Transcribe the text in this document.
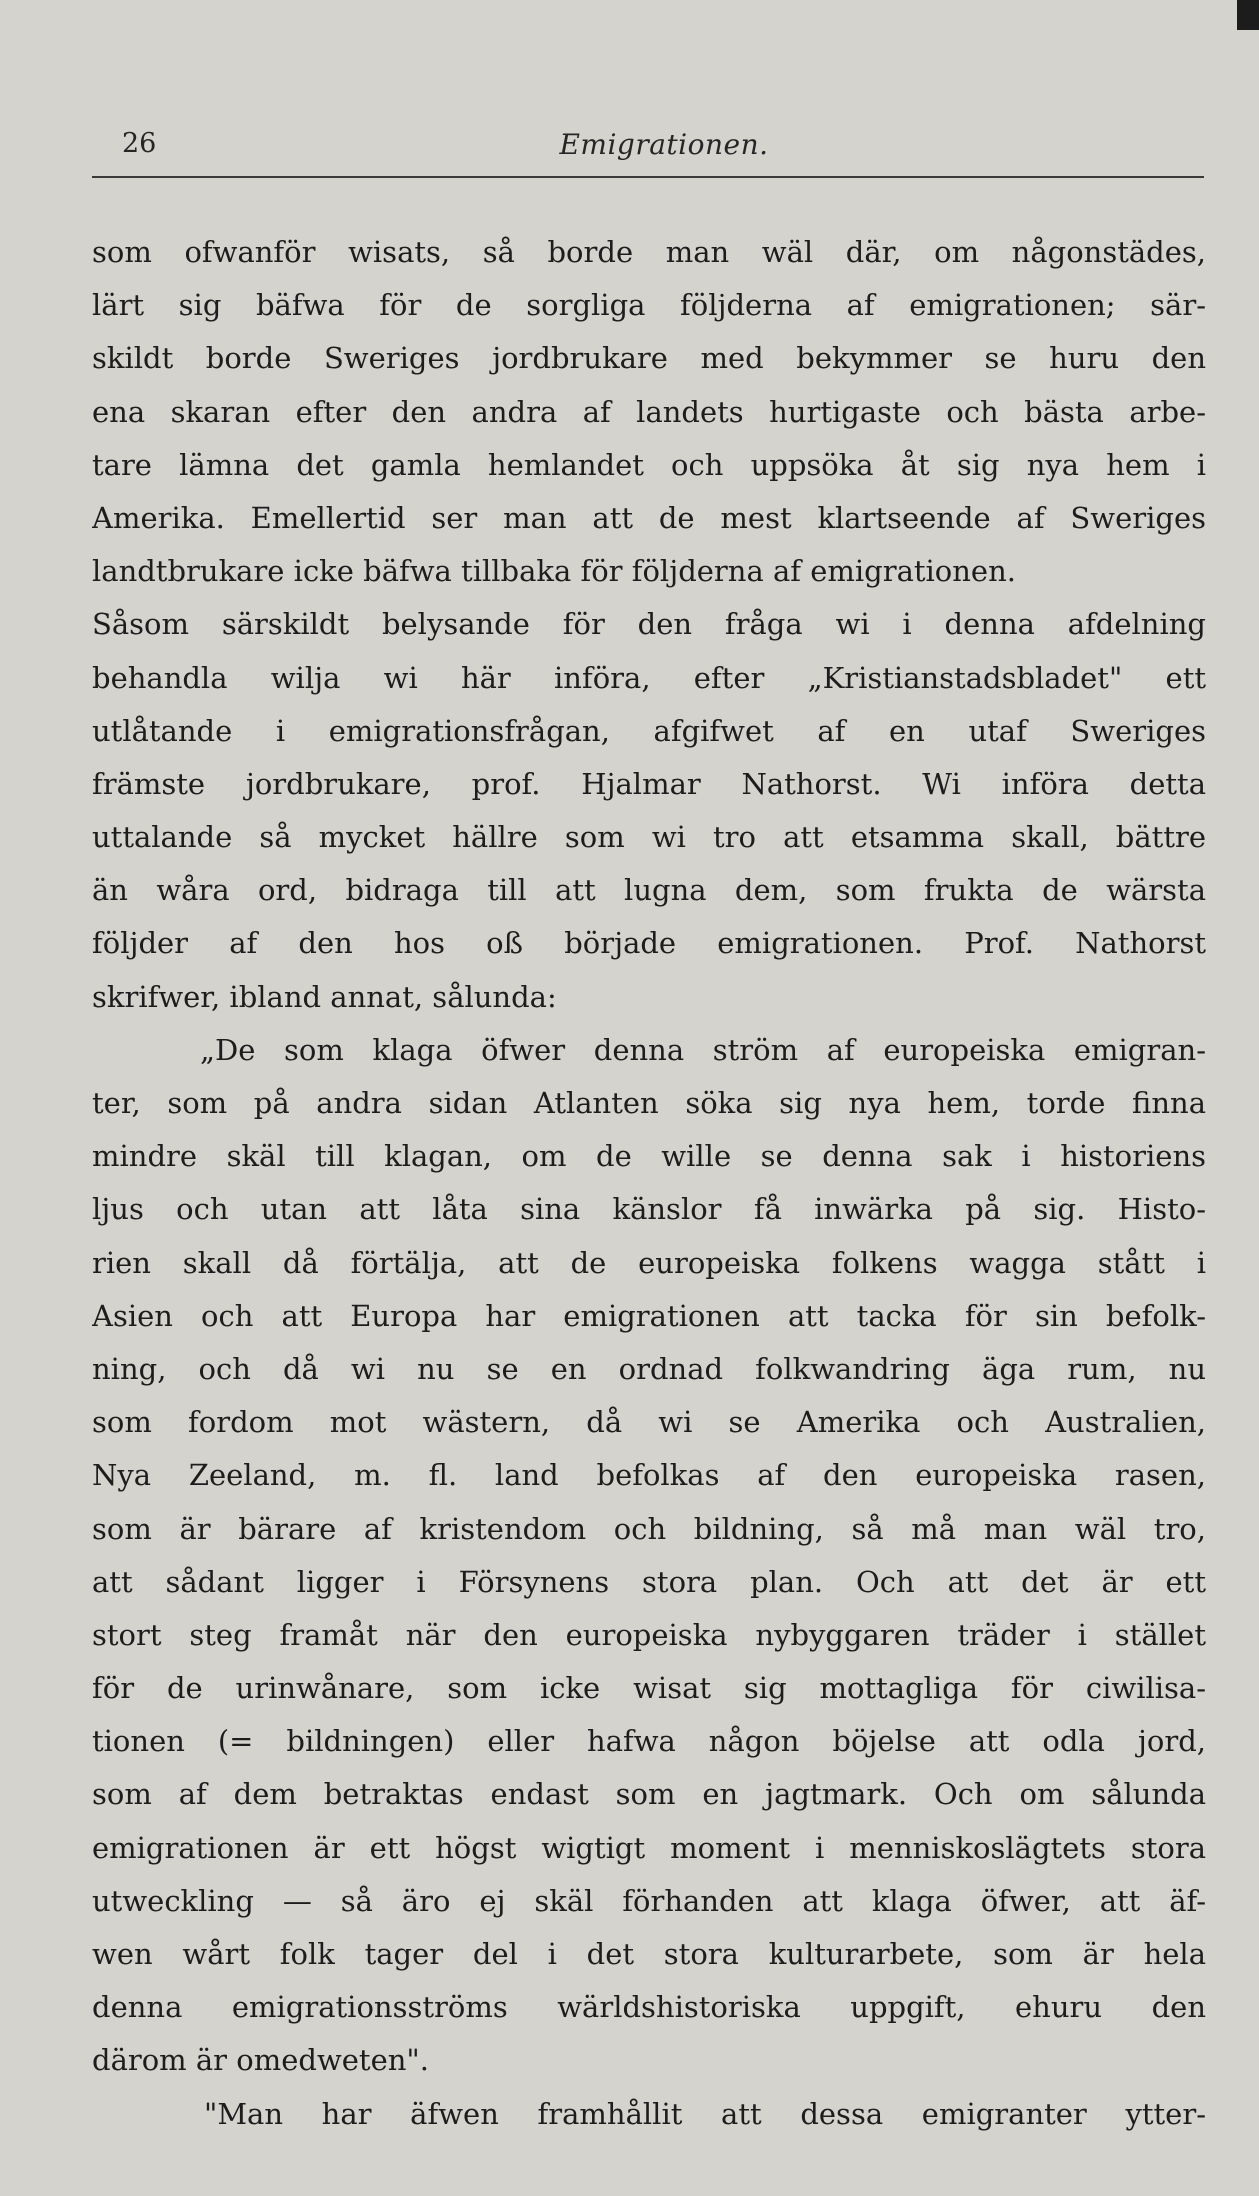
26	Emigrationen.
som ofwanför wisats, så borde man wäl där, om någonstädes,
lärt sig bäfwa för de sorgliga följderna af emigrationen; sär-
skildt borde Sweriges jordbrukare med bekymmer se huru den
ena skaran efter den andra af landets hurtigaste och bästa arbe-
tare lämna det gamla hemlandet och uppsöka åt sig nya hem i
Amerika. Emellertid ser man att de mest klartseende af Sweriges
landtbrukare icke bäfwa tillbaka för följderna af emigrationen.
Såsom särskildt belysande för den fråga wi i denna afdelning
behandla wilja wi här införa, efter „Kristianstadsbladet" ett
utlåtande i emigrationsfrågan, afgifwet af en utaf Sweriges
främste jordbrukare, prof. Hjalmar Nathorst. Wi införa detta
uttalande så mycket hällre som wi tro att etsamma skall, bättre
än wåra ord, bidraga till att lugna dem, som frukta de wärsta
följder af den hos oß började emigrationen. Prof. Nathorst
skrifwer, ibland annat, sålunda:
„De som klaga öfwer denna ström af europeiska emigran-
ter, som på andra sidan Atlanten söka sig nya hem, torde finna
mindre skäl till klagan, om de wille se denna sak i historiens
ljus och utan att låta sina känslor få inwärka på sig. Histo-
rien skall då förtälja, att de europeiska folkens wagga stått i
Asien och att Europa har emigrationen att tacka för sin befolk-
ning, och då wi nu se en ordnad folkwandring äga rum, nu
som fordom mot wästern, då wi se Amerika och Australien,
Nya Zeeland, m. fl. land befolkas af den europeiska rasen,
som är bärare af kristendom och bildning, så må man wäl tro,
att sådant ligger i Försynens stora plan. Och att det är ett
stort steg framåt när den europeiska nybyggaren träder i stället
för de urinwånare, som icke wisat sig mottagliga för ciwilisa-
tionen (= bildningen) eller hafwa någon böjelse att odla jord,
som af dem betraktas endast som en jagtmark. Och om sålunda
emigrationen är ett högst wigtigt moment i menniskoslägtets stora
utweckling — så äro ej skäl förhanden att klaga öfwer, att äf-
wen wårt folk tager del i det stora kulturarbete, som är hela
denna emigrationsströms wärldshistoriska uppgift, ehuru den
därom är omedweten".
"Man har äfwen framhållit att dessa emigranter ytter-
